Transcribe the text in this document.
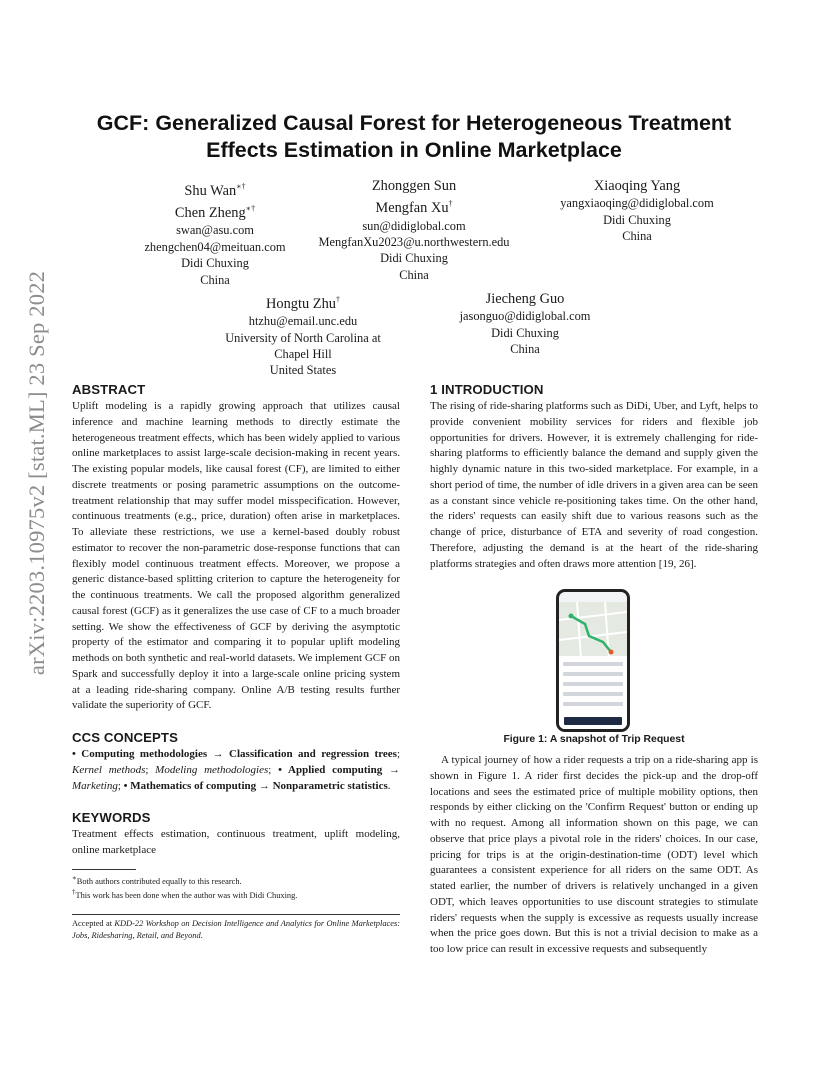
arXiv:2203.10975v2 [stat.ML] 23 Sep 2022
GCF: Generalized Causal Forest for Heterogeneous Treatment
Effects Estimation in Online Marketplace
Shu Wan∗†
Chen Zheng∗†
swan@asu.com
zhengchen04@meituan.com
Didi Chuxing
China
Zhonggen Sun
Mengfan Xu†
sun@didiglobal.com
MengfanXu2023@u.northwestern.edu
Didi Chuxing
China
Xiaoqing Yang
yangxiaoqing@didiglobal.com
Didi Chuxing
China
Hongtu Zhu†
htzhu@email.unc.edu
University of North Carolina at
Chapel Hill
United States
Jiecheng Guo
jasonguo@didiglobal.com
Didi Chuxing
China
ABSTRACT

Uplift modeling is a rapidly growing approach that utilizes causal inference and machine learning methods to directly estimate the heterogeneous treatment effects, which has been widely applied to various online marketplaces to assist large-scale decision-making in recent years. The existing popular models, like causal forest (CF), are limited to either discrete treatments or posing parametric assumptions on the outcome-treatment relationship that may suffer model misspecification. However, continuous treatments (e.g., price, duration) often arise in marketplaces. To alleviate these restrictions, we use a kernel-based doubly robust estimator to recover the non-parametric dose-response functions that can flexibly model continuous treatment effects. Moreover, we propose a generic distance-based splitting criterion to capture the heterogeneity for the continuous treatments. We call the proposed algorithm generalized causal forest (GCF) as it generalizes the use case of CF to a much broader setting. We show the effectiveness of GCF by deriving the asymptotic property of the estimator and comparing it to popular uplift modeling methods on both synthetic and real-world datasets. We implement GCF on Spark and successfully deploy it into a large-scale online pricing system at a leading ride-sharing company. Online A/B testing results further validate the superiority of GCF.

CCS CONCEPTS

• Computing methodologies → Classification and regression trees; Kernel methods; Modeling methodologies; • Applied computing → Marketing; • Mathematics of computing → Nonparametric statistics.

KEYWORDS

Treatment effects estimation, continuous treatment, uplift modeling, online marketplace

∗Both authors contributed equally to this research.
†This work has been done when the author was with Didi Chuxing.
Accepted at KDD-22 Workshop on Decision Intelligence and Analytics for Online Marketplaces: Jobs, Ridesharing, Retail, and Beyond.
1 INTRODUCTION

The rising of ride-sharing platforms such as DiDi, Uber, and Lyft, helps to provide convenient mobility services for riders and flexible job opportunities for drivers. However, it is extremely challenging for ride-sharing platforms to efficiently balance the demand and supply given the highly dynamic nature in this two-sided marketplace. For example, in a short period of time, the number of idle drivers in a given area can be seen as a constant since vehicle re-positioning takes time. On the other hand, the riders' requests can easily shift due to various reasons such as the change of price, disturbance of ETA and severity of road congestion. Therefore, adjusting the demand is at the heart of the ride-sharing platforms strategies and often draws more attention [19, 26].

Figure 1: A snapshot of Trip Request

A typical journey of how a rider requests a trip on a ride-sharing app is shown in Figure 1. A rider first decides the pick-up and the drop-off locations and sees the estimated price of multiple mobility options, then responds by either clicking on the 'Confirm Request' button or ending up with no request. Among all information shown on this page, we can observe that price plays a pivotal role in the riders' choices. In our case, pricing for trips is at the origin-destination-time (ODT) level which guarantees a consistent experience for all riders on the same ODT. As stated earlier, the number of drivers is relatively unchanged in a given ODT, which leaves opportunities to use discount strategies to stimulate riders' requests when the supply is excessive as requests usually increase when the price goes down. But this is not a trivial decision to make as a too low price can result in excessive requests and subsequently
